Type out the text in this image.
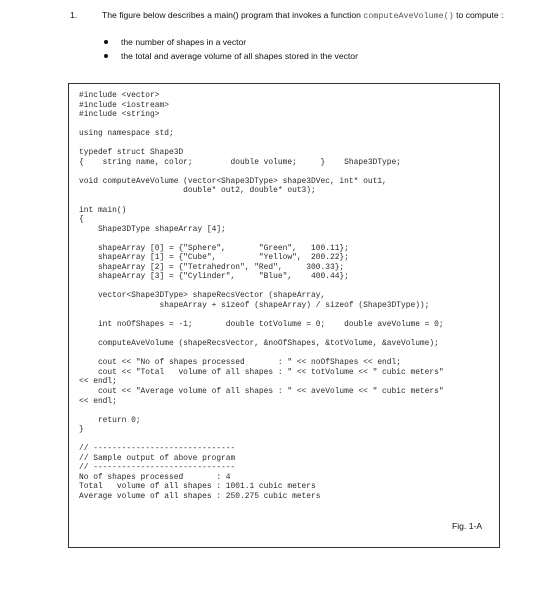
1.	The figure below describes a main() program that invokes a function computeAveVolume() to compute :
the number of shapes in a vector
the total and average volume of all shapes stored in the vector
#include <vector>
#include <iostream>
#include <string>

using namespace std;

typedef struct Shape3D
{    string name, color;        double volume;     }    Shape3DType;

void computeAveVolume (vector<Shape3DType> shape3DVec, int* out1,
double* out2, double* out3);

int main()
{
Shape3DType shapeArray [4];

shapeArray [0] = {"Sphere",       "Green",   100.11};
shapeArray [1] = {"Cube",         "Yellow",  200.22};
shapeArray [2] = {"Tetrahedron", "Red",     300.33};
shapeArray [3] = {"Cylinder",     "Blue",    400.44};

vector<Shape3DType> shapeRecsVector (shapeArray,
shapeArray + sizeof (shapeArray) / sizeof (Shape3DType));

int noOfShapes = -1;       double totVolume = 0;    double aveVolume = 0;

computeAveVolume (shapeRecsVector, &noOfShapes, &totVolume, &aveVolume);

cout << "No of shapes processed       : " << noOfShapes << endl;
cout << "Total   volume of all shapes : " << totVolume << " cubic meters"
<< endl;
cout << "Average volume of all shapes : " << aveVolume << " cubic meters"
<< endl;

return 0;
}

// ------------------------------
// Sample output of above program
// ------------------------------
No of shapes processed       : 4
Total   volume of all shapes : 1001.1 cubic meters
Average volume of all shapes : 250.275 cubic meters
Fig. 1-A
